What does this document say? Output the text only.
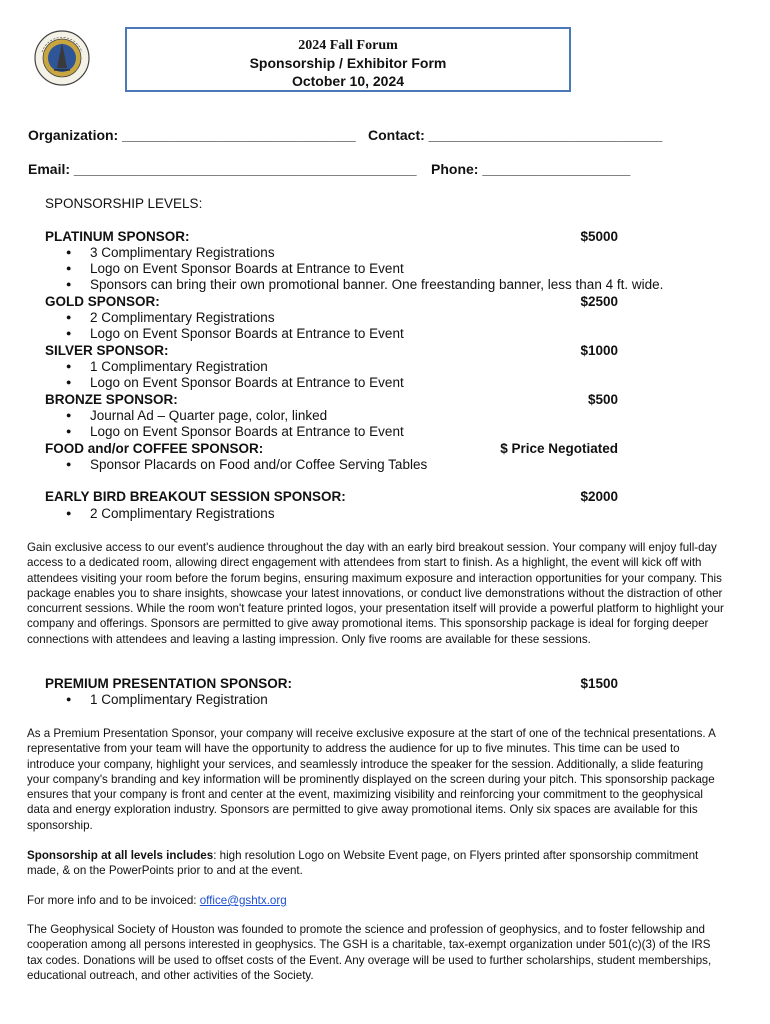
2024 Fall Forum
Sponsorship / Exhibitor Form
October 10, 2024
Organization: ______________________________ Contact: ______________________________
Email: ____________________________________________ Phone: ___________________
SPONSORSHIP LEVELS:
PLATINUM SPONSOR:	$5000
● 3 Complimentary Registrations
● Logo on Event Sponsor Boards at Entrance to Event
● Sponsors can bring their own promotional banner. One freestanding banner, less than 4 ft. wide.
GOLD SPONSOR:	$2500
● 2 Complimentary Registrations
● Logo on Event Sponsor Boards at Entrance to Event
SILVER SPONSOR:	$1000
● 1 Complimentary Registration
● Logo on Event Sponsor Boards at Entrance to Event
BRONZE SPONSOR:	$500
● Journal Ad – Quarter page, color, linked
● Logo on Event Sponsor Boards at Entrance to Event
FOOD and/or COFFEE SPONSOR:	$ Price Negotiated
● Sponsor Placards on Food and/or Coffee Serving Tables
EARLY BIRD BREAKOUT SESSION SPONSOR:	$2000
● 2 Complimentary Registrations
Gain exclusive access to our event's audience throughout the day with an early bird breakout session. Your company will enjoy full-day access to a dedicated room, allowing direct engagement with attendees from start to finish. As a highlight, the event will kick off with attendees visiting your room before the forum begins, ensuring maximum exposure and interaction opportunities for your company. This package enables you to share insights, showcase your latest innovations, or conduct live demonstrations without the distraction of other concurrent sessions. While the room won't feature printed logos, your presentation itself will provide a powerful platform to highlight your company and offerings. Sponsors are permitted to give away promotional items. This sponsorship package is ideal for forging deeper connections with attendees and leaving a lasting impression. Only five rooms are available for these sessions.
PREMIUM PRESENTATION SPONSOR:	$1500
● 1 Complimentary Registration
As a Premium Presentation Sponsor, your company will receive exclusive exposure at the start of one of the technical presentations. A representative from your team will have the opportunity to address the audience for up to five minutes. This time can be used to introduce your company, highlight your services, and seamlessly introduce the speaker for the session. Additionally, a slide featuring your company's branding and key information will be prominently displayed on the screen during your pitch. This sponsorship package ensures that your company is front and center at the event, maximizing visibility and reinforcing your commitment to the geophysical data and energy exploration industry. Sponsors are permitted to give away promotional items. Only six spaces are available for this sponsorship.
Sponsorship at all levels includes: high resolution Logo on Website Event page, on Flyers printed after sponsorship commitment made, & on the PowerPoints prior to and at the event.
For more info and to be invoiced: office@gshtx.org
The Geophysical Society of Houston was founded to promote the science and profession of geophysics, and to foster fellowship and cooperation among all persons interested in geophysics. The GSH is a charitable, tax-exempt organization under 501(c)(3) of the IRS tax codes. Donations will be used to offset costs of the Event. Any overage will be used to further scholarships, student memberships, educational outreach, and other activities of the Society.
